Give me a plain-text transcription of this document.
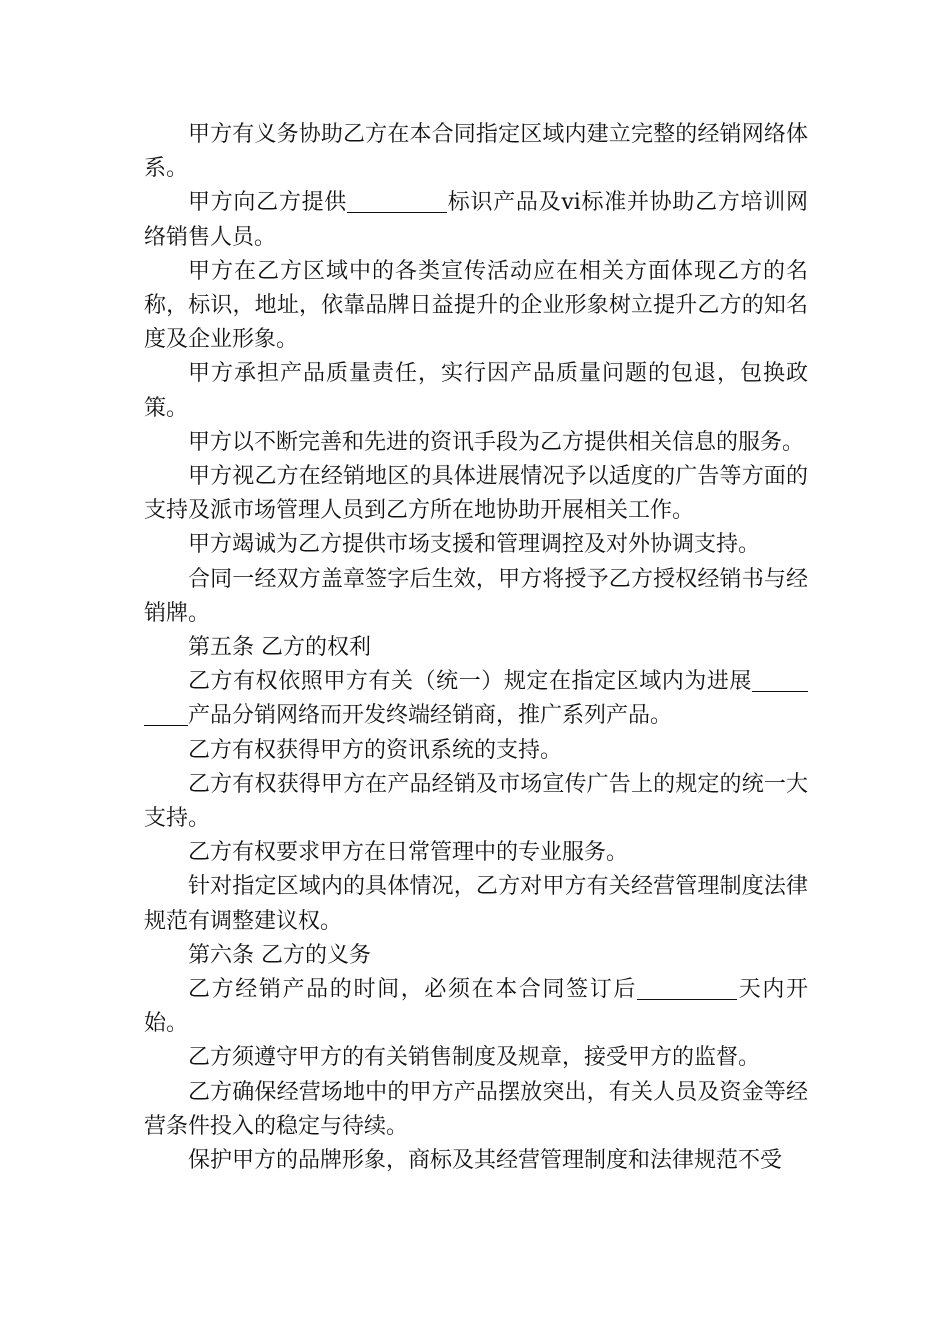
甲方有义务协助乙方在本合同指定区域内建立完整的经销网络体系。

甲方向乙方提供	标识产品及vi标准并协助乙方培训网络销售人员。

甲方在乙方区域中的各类宣传活动应在相关方面体现乙方的名称，标识，地址，依靠品牌日益提升的企业形象树立提升乙方的知名度及企业形象。

甲方承担产品质量责任，实行因产品质量问题的包退，包换政策。

甲方以不断完善和先进的资讯手段为乙方提供相关信息的服务。

甲方视乙方在经销地区的具体进展情况予以适度的广告等方面的支持及派市场管理人员到乙方所在地协助开展相关工作。

甲方竭诚为乙方提供市场支援和管理调控及对外协调支持。

合同一经双方盖章签字后生效，甲方将授予乙方授权经销书与经销牌。

第五条 乙方的权利

乙方有权依照甲方有关（统一）规定在指定区域内为进展产品分销网络而开发终端经销商，推广系列产品。

乙方有权获得甲方的资讯系统的支持。

乙方有权获得甲方在产品经销及市场宣传广告上的规定的统一大支持。

乙方有权要求甲方在日常管理中的专业服务。

针对指定区域内的具体情况，乙方对甲方有关经营管理制度法律规范有调整建议权。

第六条 乙方的义务

乙方经销产品的时间，必须在本合同签订后	天内开始。

乙方须遵守甲方的有关销售制度及规章，接受甲方的监督。

乙方确保经营场地中的甲方产品摆放突出，有关人员及资金等经营条件投入的稳定与待续。

保护甲方的品牌形象，商标及其经营管理制度和法律规范不受
